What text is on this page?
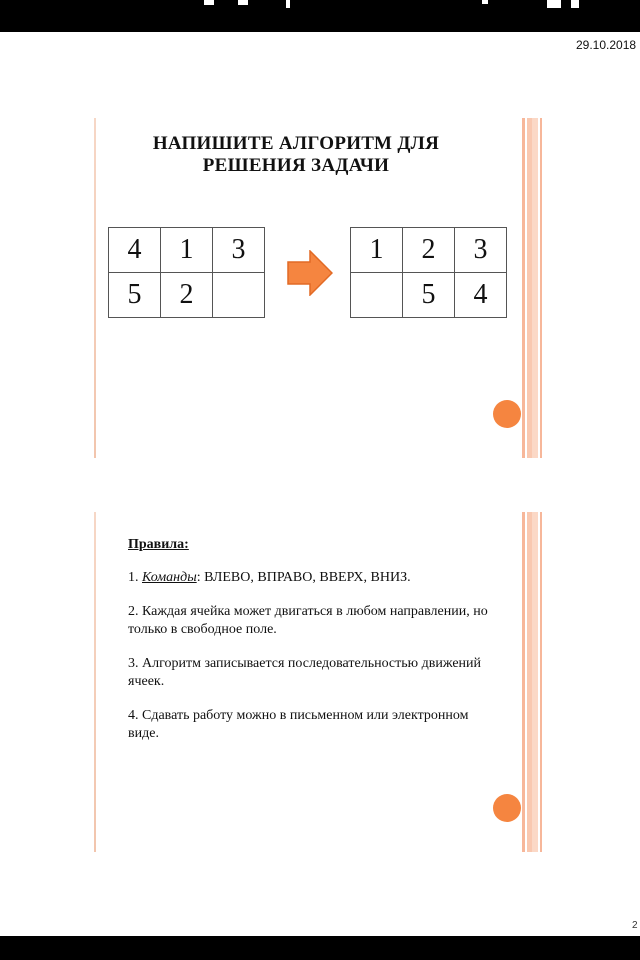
29.10.2018
2
НАПИШИТЕ АЛГОРИТМ ДЛЯ
РЕШЕНИЯ ЗАДАЧИ
4	1	3
5	2	
1	2	3
	5	4
Правила:

1. Команды: ВЛЕВО, ВПРАВО, ВВЕРХ, ВНИЗ.

2. Каждая ячейка может двигаться в любом направлении, но только в свободное поле.

3. Алгоритм записывается последовательностью движений ячеек.

4. Сдавать работу можно в письменном или электронном виде.
